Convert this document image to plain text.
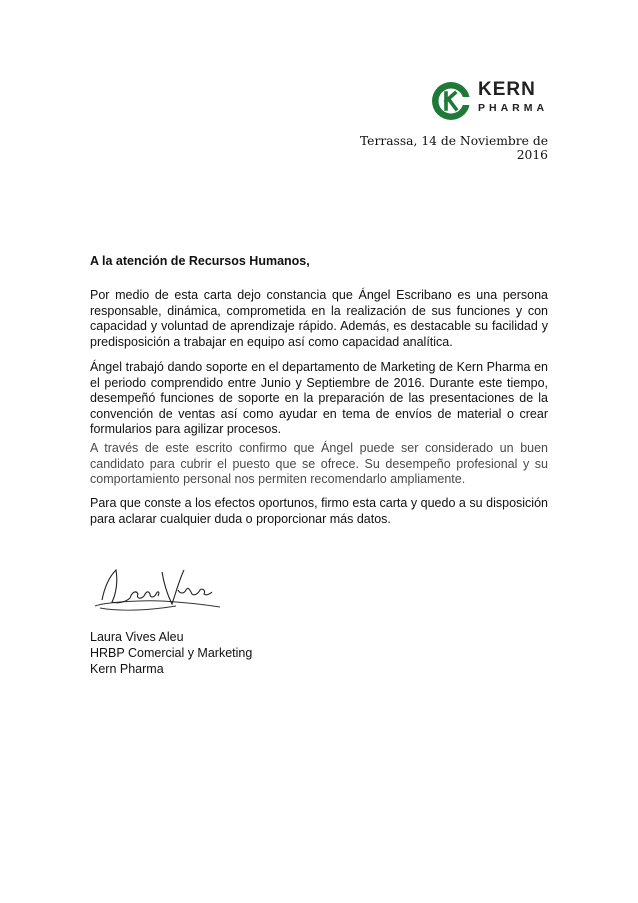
KERN
PHARMA
Terrassa, 14 de Noviembre de 2016

A la atención de Recursos Humanos,

Por medio de esta carta dejo constancia que Ángel Escribano es una persona responsable, dinámica, comprometida en la realización de sus funciones y con capacidad y voluntad de aprendizaje rápido. Además, es destacable su facilidad y predisposición a trabajar en equipo así como capacidad analítica.

Ángel trabajó dando soporte en el departamento de Marketing de Kern Pharma en el periodo comprendido entre Junio y Septiembre de 2016. Durante este tiempo, desempeñó funciones de soporte en la preparación de las presentaciones de la convención de ventas así como ayudar en tema de envíos de material o crear formularios para agilizar procesos.

A través de este escrito confirmo que Ángel puede ser considerado un buen candidato para cubrir el puesto que se ofrece. Su desempeño profesional y su comportamiento personal nos permiten recomendarlo ampliamente.

Para que conste a los efectos oportunos, firmo esta carta y quedo a su disposición para aclarar cualquier duda o proporcionar más datos.

Laura Vives Aleu
HRBP Comercial y Marketing
Kern Pharma
